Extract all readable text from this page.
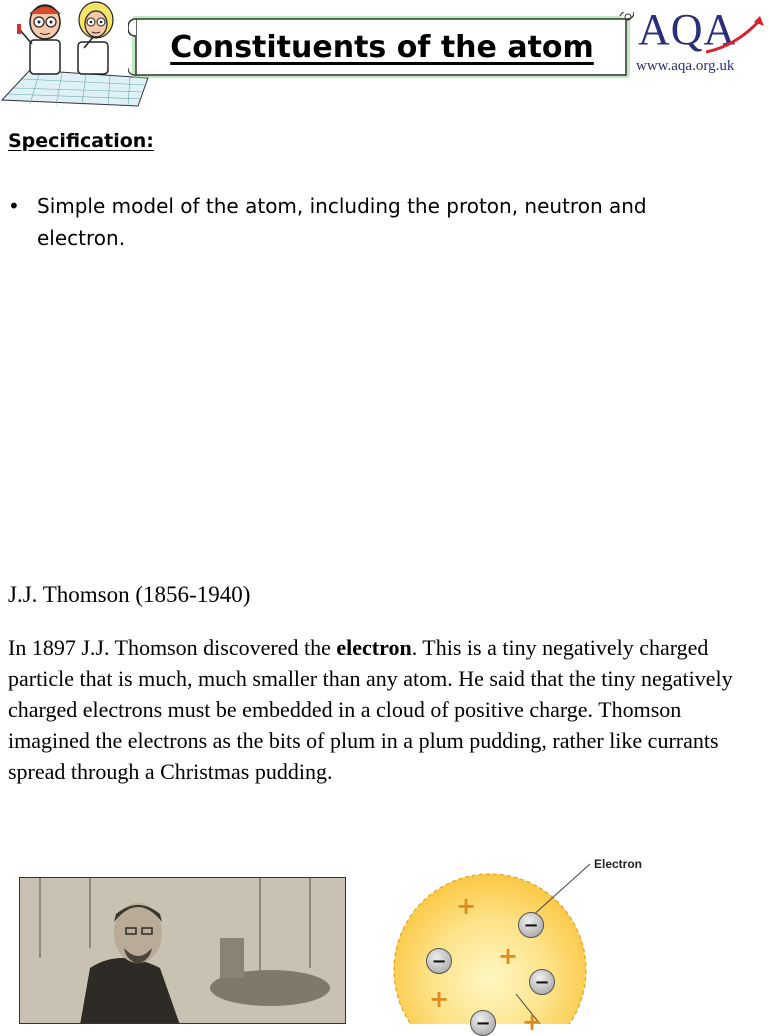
Constituents of the atom	AQA
www.aqa.org.uk
Specification:
• Simple model of the atom, including the proton, neutron and electron.
J.J. Thomson (1856-1940)

In 1897 J.J. Thomson discovered the electron. This is a tiny negatively charged particle that is much, much smaller than any atom. He said that the tiny negatively charged electrons must be embedded in a cloud of positive charge. Thomson imagined the electrons as the bits of plum in a plum pudding, rather like currants spread through a Christmas pudding.

Electron
+
+
+
+
−
−
−
−
